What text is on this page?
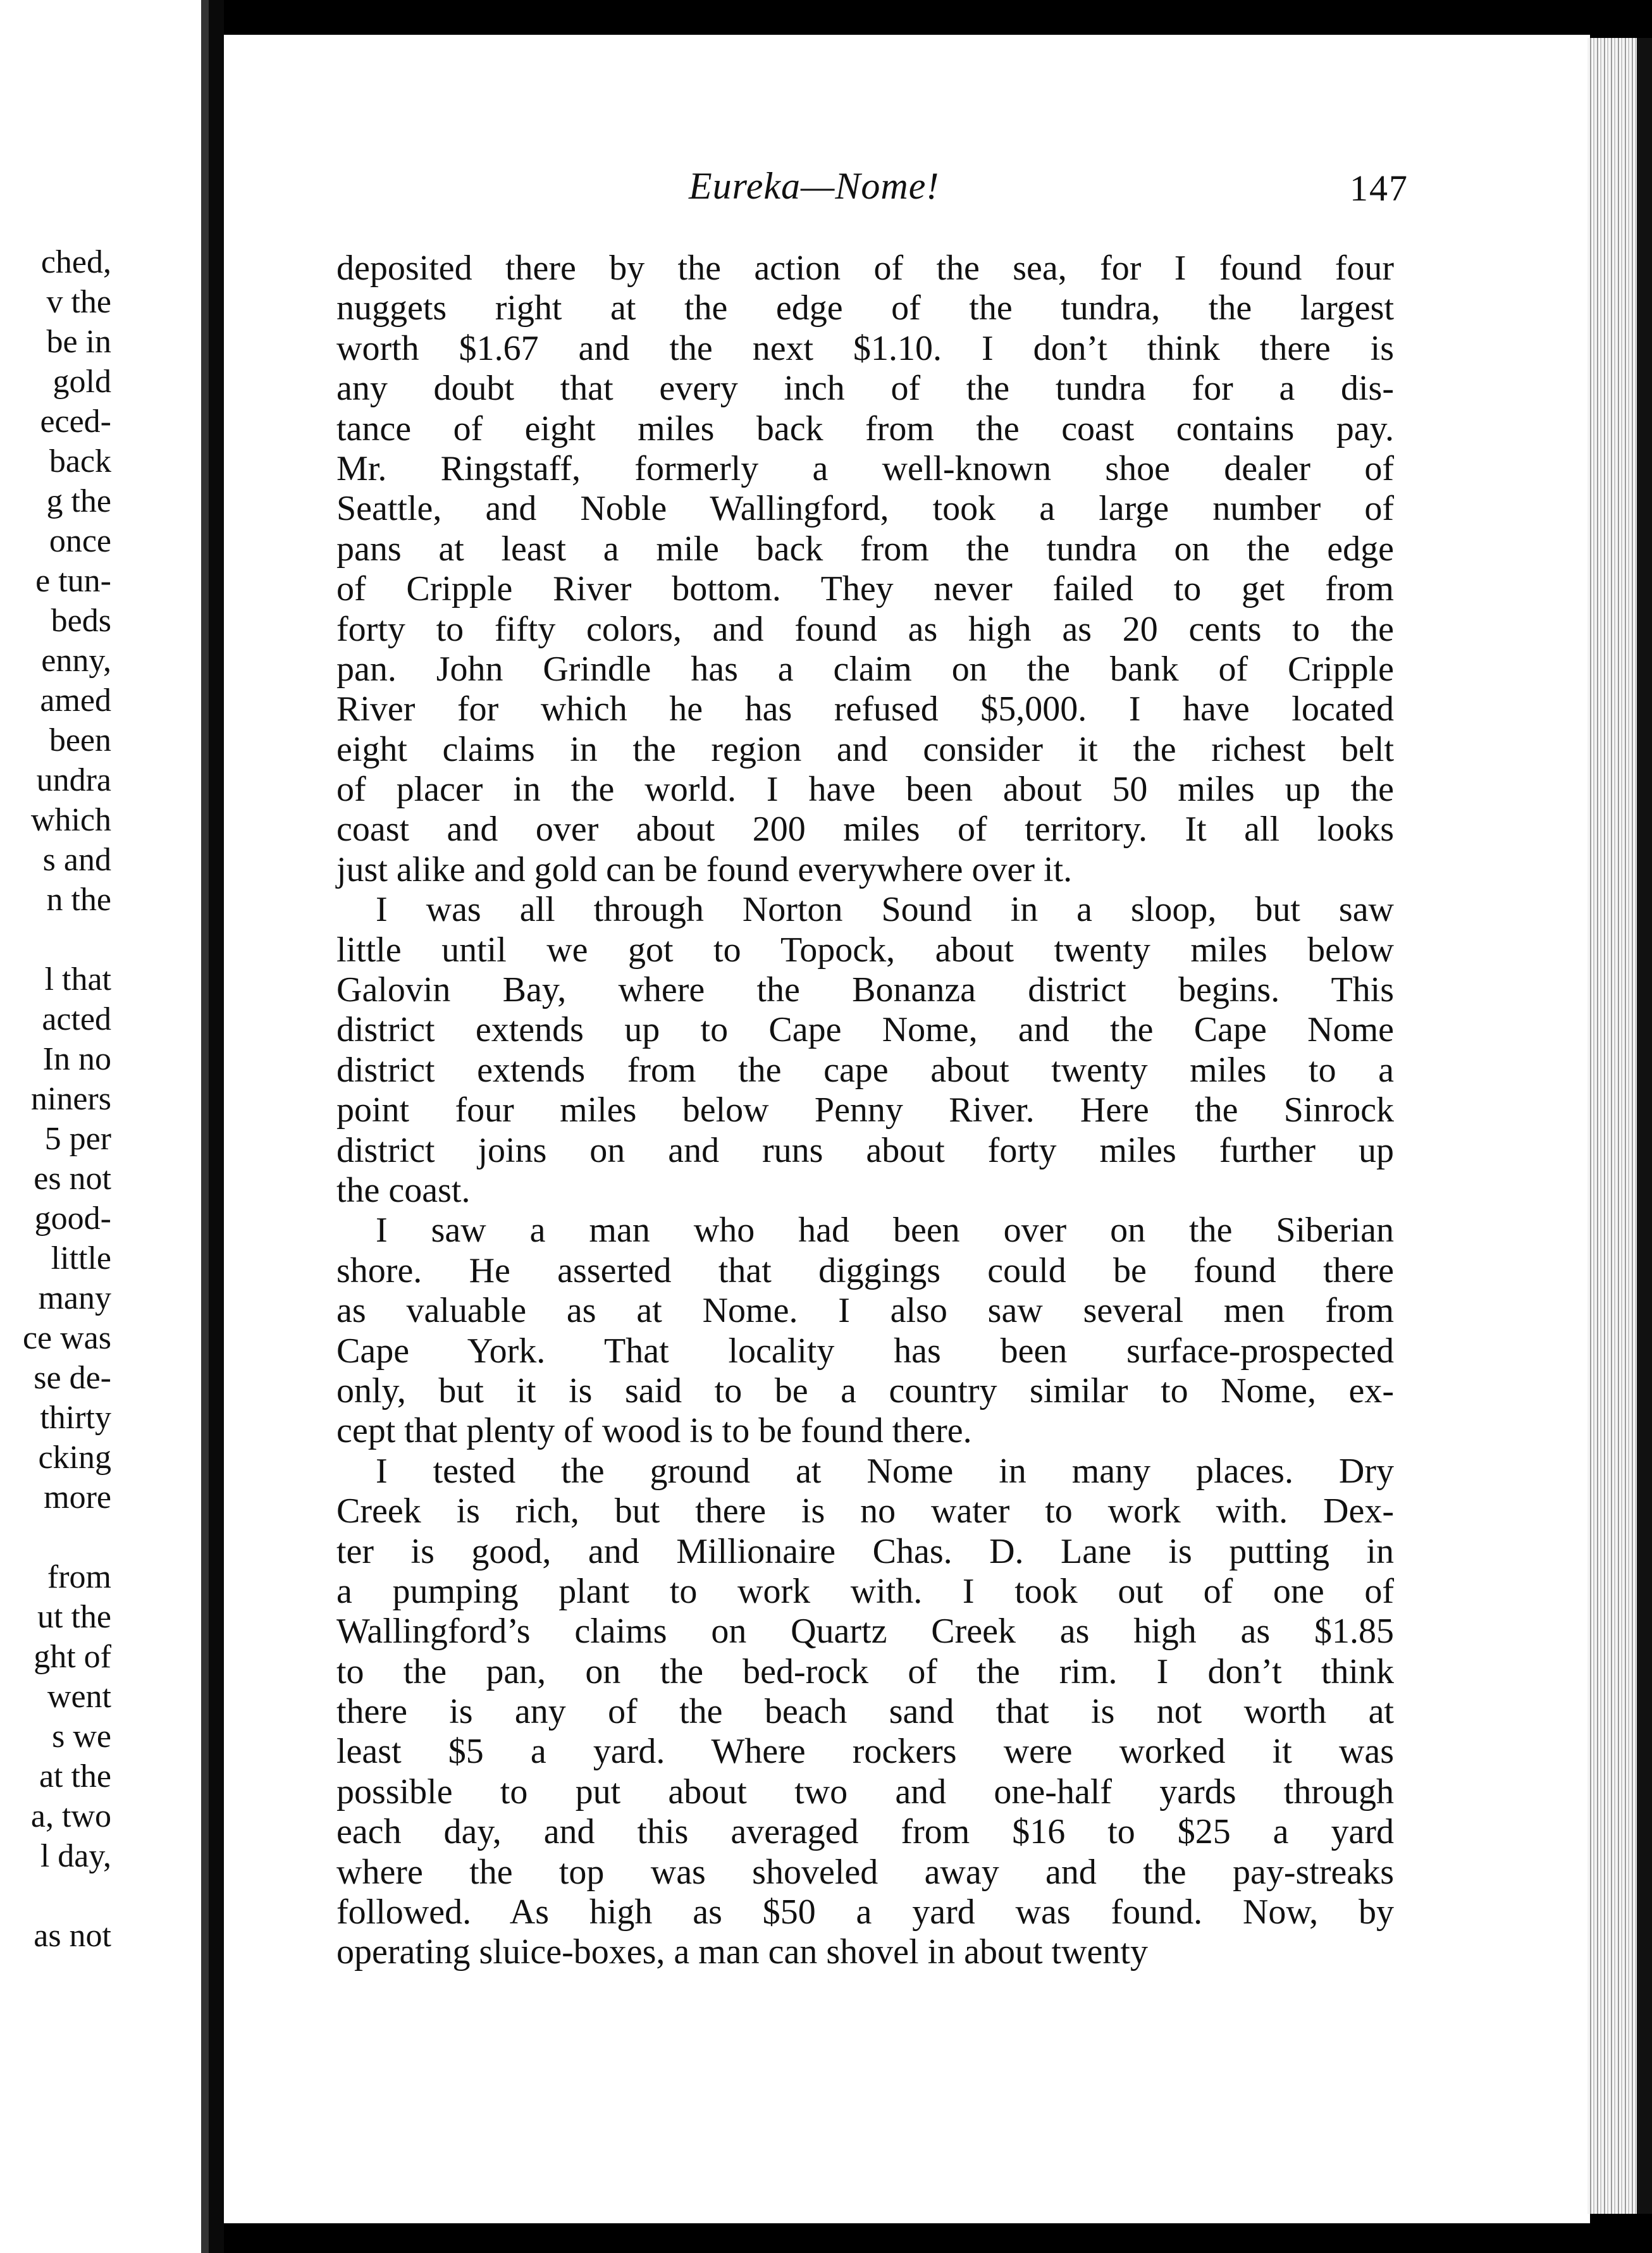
ched,
v the
be in
gold
eced-
back
g the
once
e tun-
beds
enny,
amed
been
undra
which
s and
n the
l that
acted
In no
niners
5 per
es not
good-
little
many
ce was
se de-
thirty
cking
more
from
ut the
ght of
went
s we
at the
a, two
l day,
as not
Eureka—Nome!	147
deposited there by the action of the sea, for I found four
nuggets right at the edge of the tundra, the largest
worth $1.67 and the next $1.10. I don’t think there is
any doubt that every inch of the tundra for a dis-
tance of eight miles back from the coast contains pay.
Mr. Ringstaff, formerly a well-known shoe dealer of
Seattle, and Noble Wallingford, took a large number of
pans at least a mile back from the tundra on the edge
of Cripple River bottom. They never failed to get from
forty to fifty colors, and found as high as 20 cents to the
pan. John Grindle has a claim on the bank of Cripple
River for which he has refused $5,000. I have located
eight claims in the region and consider it the richest belt
of placer in the world. I have been about 50 miles up the
coast and over about 200 miles of territory. It all looks
just alike and gold can be found everywhere over it.
I was all through Norton Sound in a sloop, but saw
little until we got to Topock, about twenty miles below
Galovin Bay, where the Bonanza district begins. This
district extends up to Cape Nome, and the Cape Nome
district extends from the cape about twenty miles to a
point four miles below Penny River. Here the Sinrock
district joins on and runs about forty miles further up
the coast.
I saw a man who had been over on the Siberian
shore. He asserted that diggings could be found there
as valuable as at Nome. I also saw several men from
Cape York. That locality has been surface-prospected
only, but it is said to be a country similar to Nome, ex-
cept that plenty of wood is to be found there.
I tested the ground at Nome in many places. Dry
Creek is rich, but there is no water to work with. Dex-
ter is good, and Millionaire Chas. D. Lane is putting in
a pumping plant to work with. I took out of one of
Wallingford’s claims on Quartz Creek as high as $1.85
to the pan, on the bed-rock of the rim. I don’t think
there is any of the beach sand that is not worth at
least $5 a yard. Where rockers were worked it was
possible to put about two and one-half yards through
each day, and this averaged from $16 to $25 a yard
where the top was shoveled away and the pay-streaks
followed. As high as $50 a yard was found. Now, by
operating sluice-boxes, a man can shovel in about twenty
